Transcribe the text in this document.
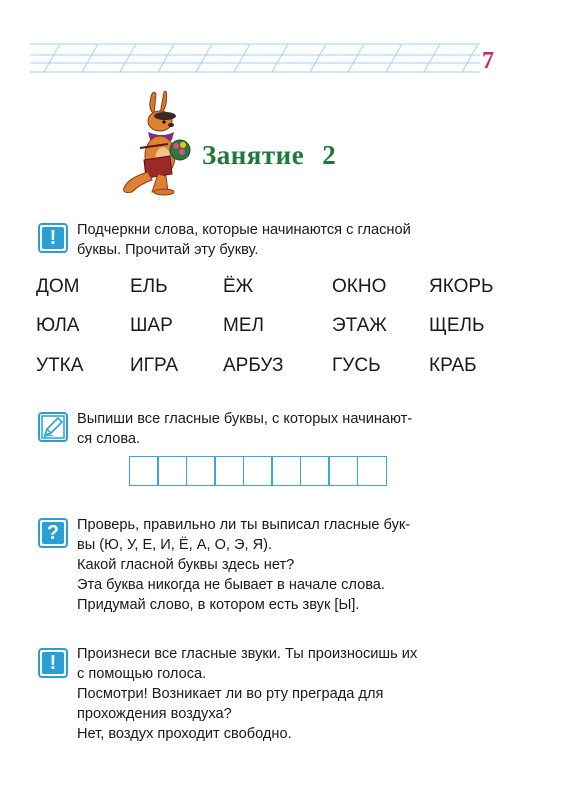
7
Занятие 2
!	Подчеркни слова, которые начинаются с гласной

буквы. Прочитай эту букву.

ДОМ	ЕЛЬ	ЁЖ	ОКНО ЯКОРЬ
ЮЛА	ШАР	МЕЛ	ЭТАЖ ЩЕЛЬ
УТКА ИГРА АРБУЗ	ГУСЬ	КРАБ

Выпиши все гласные буквы, с которых начинают-

ся слова.

?	Проверь, правильно ли ты выписал гласные бук-

вы (Ю, У, Е, И, Ё, А, О, Э, Я).

Какой гласной буквы здесь нет?

Эта буква никогда не бывает в начале слова.

Придумай слово, в котором есть звук [Ы].

!	Произнеси все гласные звуки. Ты произносишь их

с помощью голоса.

Посмотри! Возникает ли во рту преграда для

прохождения воздуха?

Нет, воздух проходит свободно.
